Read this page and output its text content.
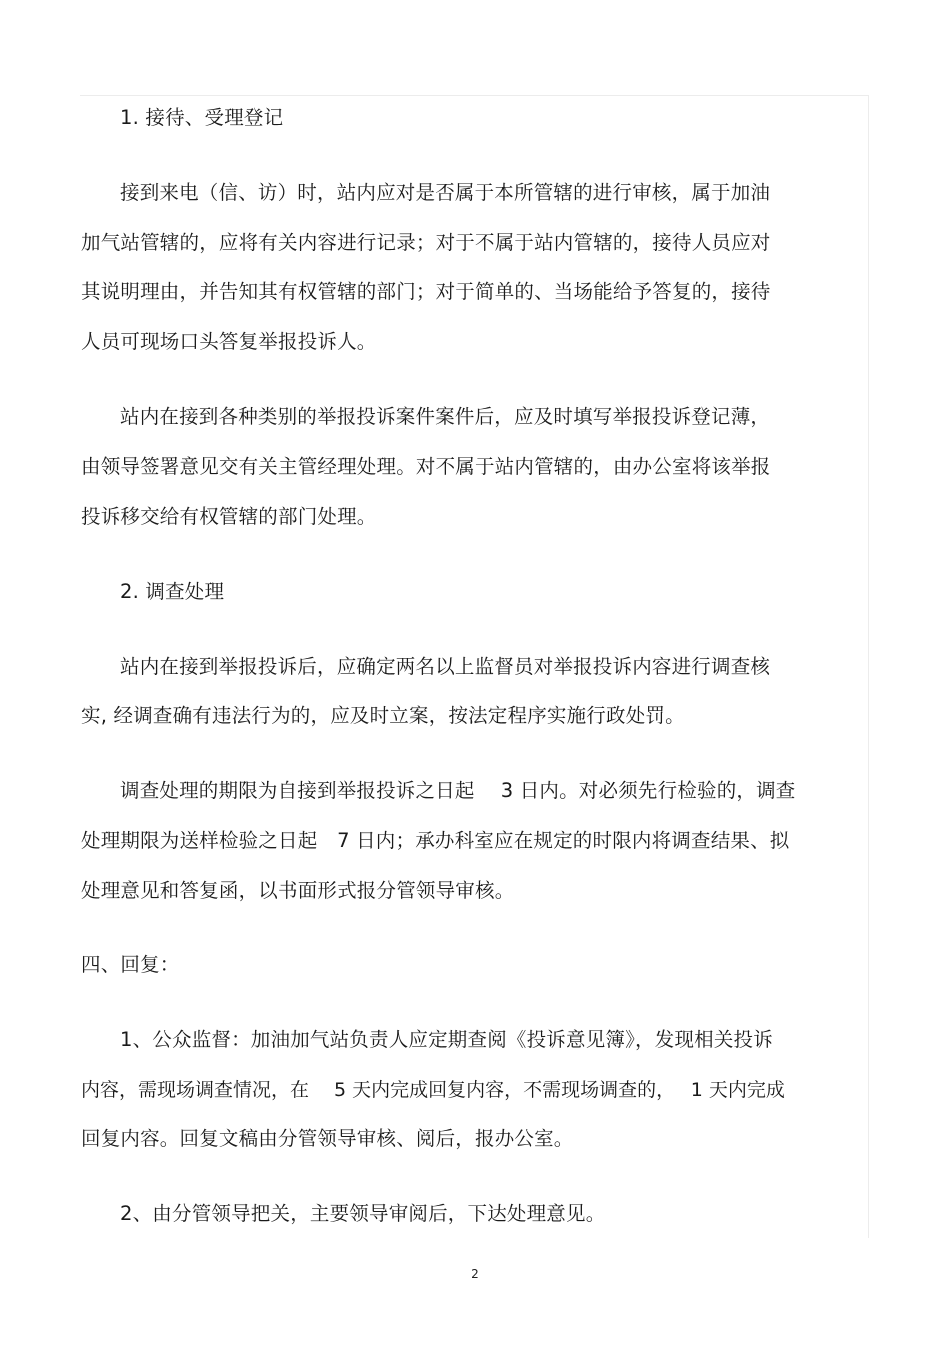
1. 接待、受理登记
接到来电（信、访）时，站内应对是否属于本所管辖的进行审核，属于加油
加气站管辖的，应将有关内容进行记录；对于不属于站内管辖的，接待人员应对
其说明理由，并告知其有权管辖的部门；对于简单的、当场能给予答复的，接待
人员可现场口头答复举报投诉人。
站内在接到各种类别的举报投诉案件案件后，应及时填写举报投诉登记薄，
由领导签署意见交有关主管经理处理。对不属于站内管辖的，由办公室将该举报
投诉移交给有权管辖的部门处理。
2. 调查处理
站内在接到举报投诉后，应确定两名以上监督员对举报投诉内容进行调查核
实, 经调查确有违法行为的，应及时立案，按法定程序实施行政处罚。
调查处理的期限为自接到举报投诉之日起　 3 日内。对必须先行检验的，调查
处理期限为送样检验之日起　7 日内；承办科室应在规定的时限内将调查结果、拟
处理意见和答复函，以书面形式报分管领导审核。
四、回复：
1、公众监督：加油加气站负责人应定期查阅《投诉意见簿》，发现相关投诉
内容，需现场调查情况，在　 5 天内完成回复内容，不需现场调查的，　 1 天内完成
回复内容。回复文稿由分管领导审核、阅后，报办公室。
2、由分管领导把关，主要领导审阅后，下达处理意见。
2
